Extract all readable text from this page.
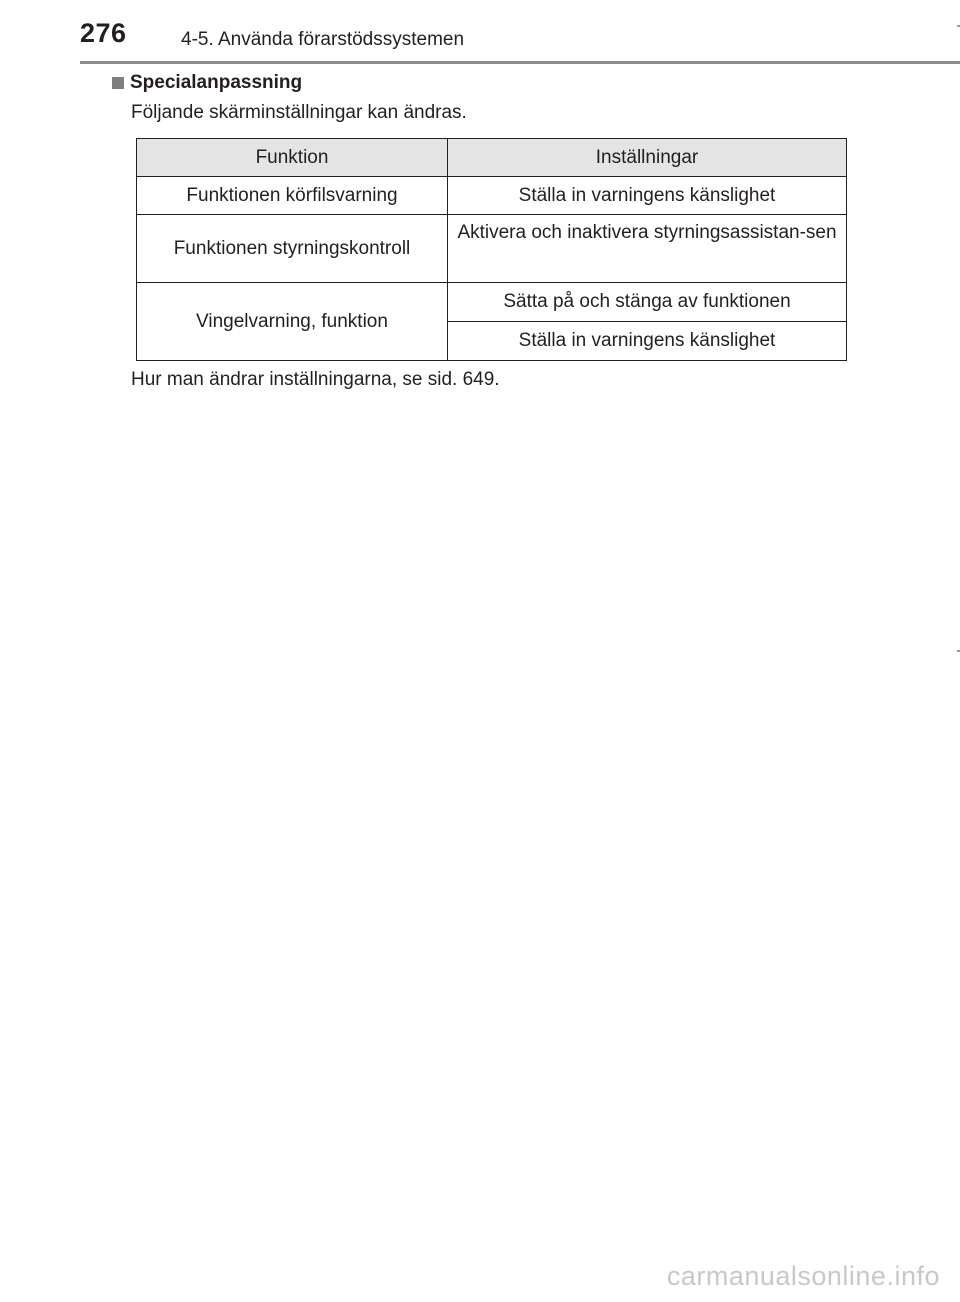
276	4-5. Använda förarstödssystemen
Specialanpassning
Följande skärminställningar kan ändras.
Funktion	Inställningar
Funktionen körfilsvarning	Ställa in varningens känslighet
Funktionen styrningskontroll	Aktivera och inaktivera styrningsassistan-sen
Vingelvarning, funktion	Sätta på och stänga av funktionen
	Ställa in varningens känslighet
Hur man ändrar inställningarna, se sid. 649.
carmanualsonline.info
